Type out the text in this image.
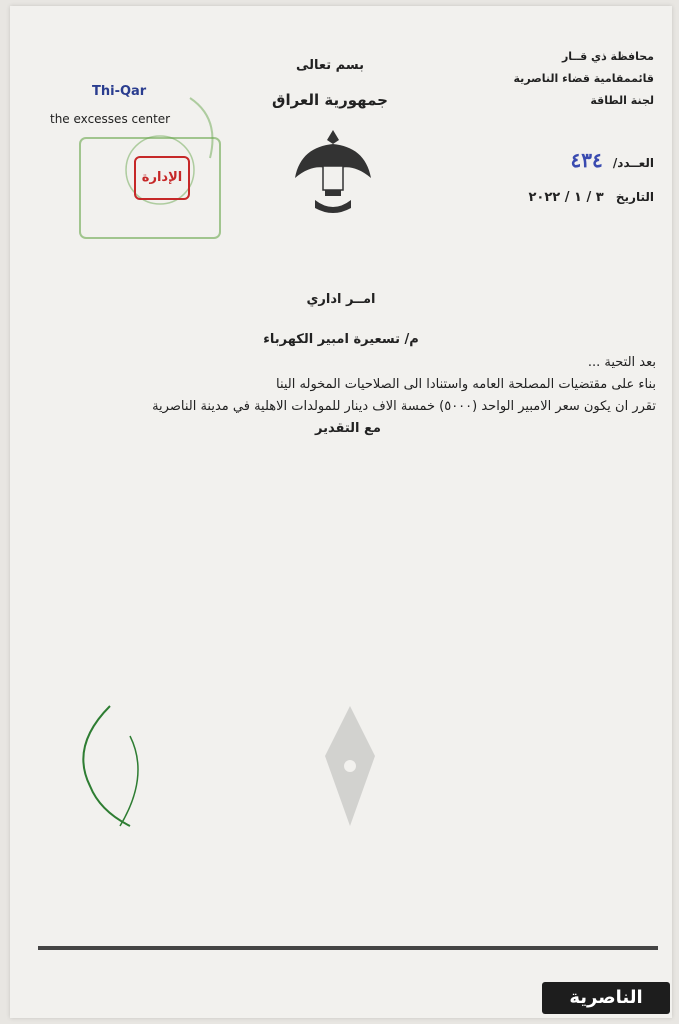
Thi-Qar
the excesses center
الإدارة
محافظة ذي قــار
قائممقامية قضاء الناصرية
لجنة الطاقة
بسم تعالى
جمهورية العراق
العــدد/ ٤٣٤
التاريخ ٣ / ١ / ٢٠٢٢
امــر اداري
م/ تسعيرة امبير الكهرباء
بعد التحية ...
بناء على مقتضيات المصلحة العامه واستنادا الى الصلاحيات المخوله الينا
تقرر ان يكون سعر الامبير الواحد (٥٠٠٠) خمسة الاف دينار للمولدات الاهلية في مدينة الناصرية
مع التقدير
الناصرية
